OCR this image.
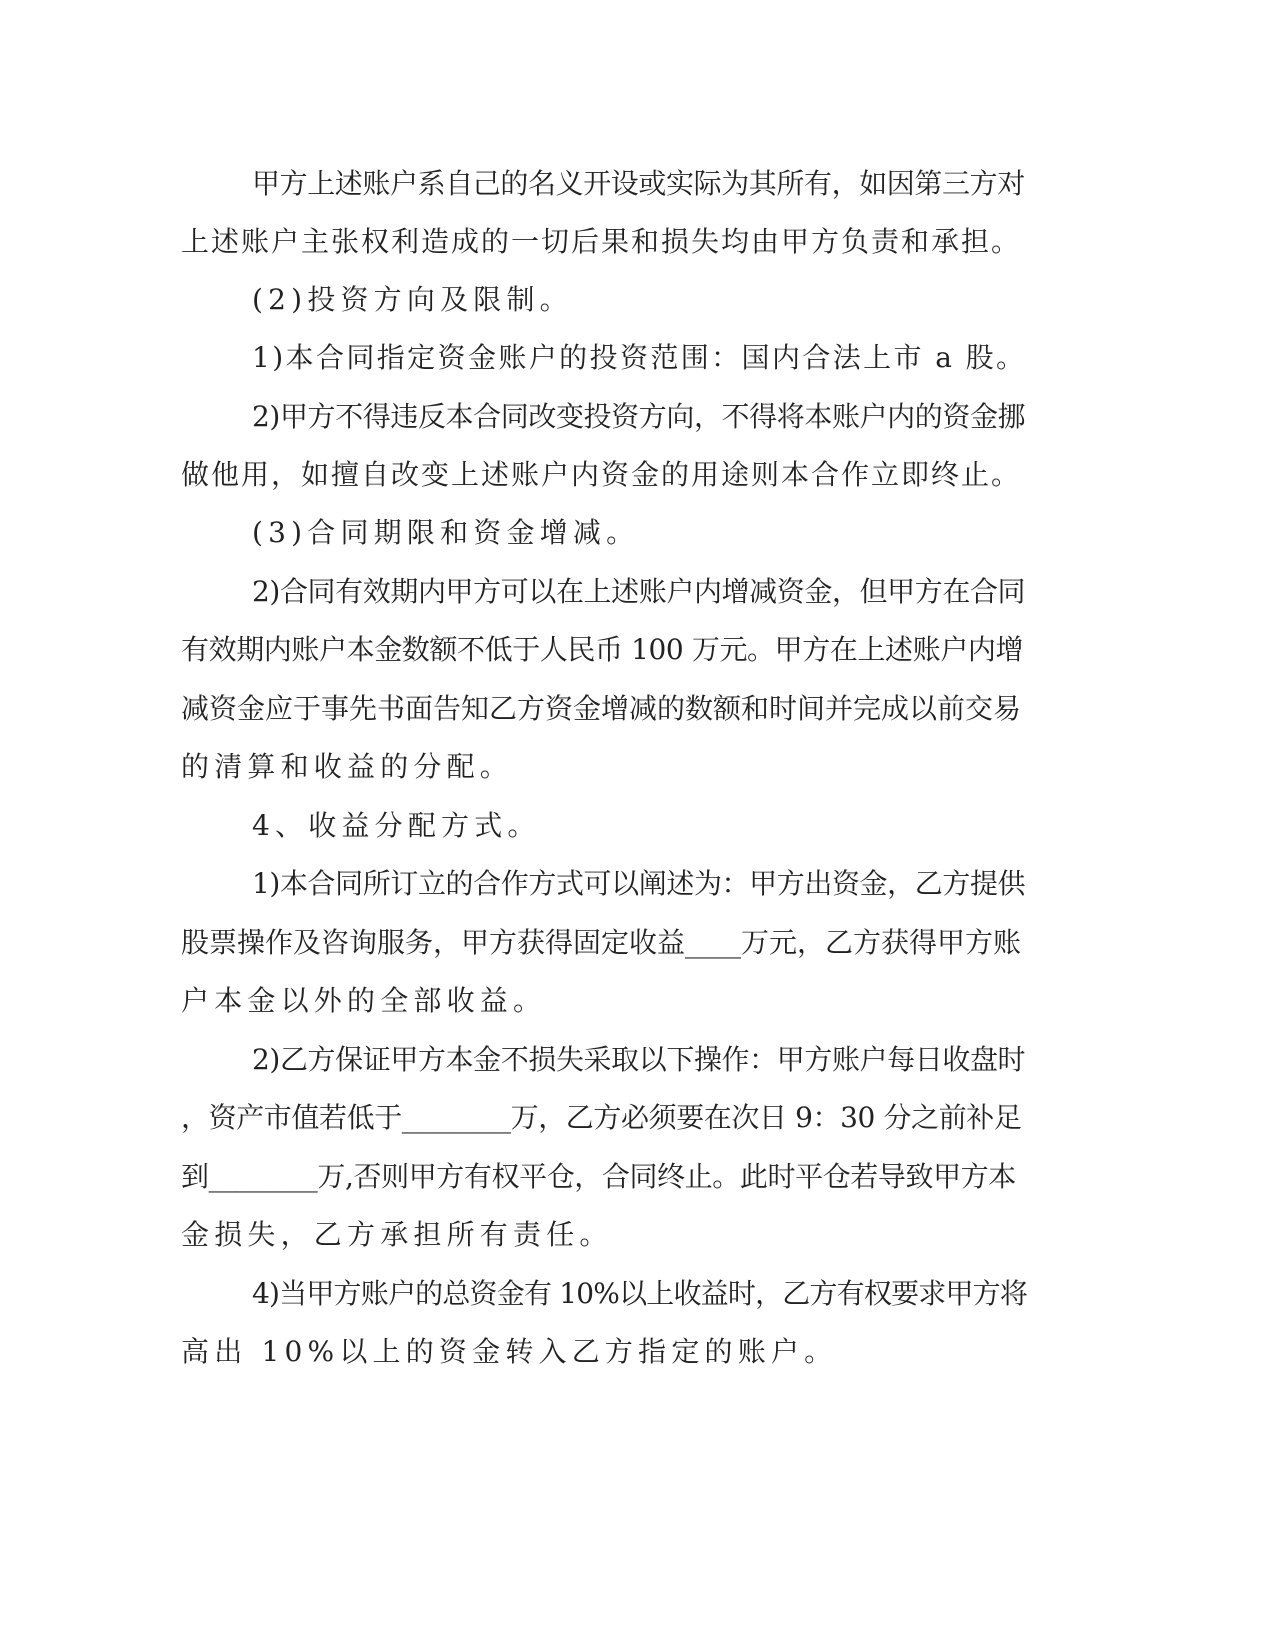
甲方上述账户系自己的名义开设或实际为其所有，如因第三方对
上述账户主张权利造成的一切后果和损失均由甲方负责和承担。
(2)投资方向及限制。
1)本合同指定资金账户的投资范围：国内合法上市 a 股。
2)甲方不得违反本合同改变投资方向，不得将本账户内的资金挪
做他用，如擅自改变上述账户内资金的用途则本合作立即终止。
(3)合同期限和资金增减。
2)合同有效期内甲方可以在上述账户内增减资金，但甲方在合同
有效期内账户本金数额不低于人民币 100 万元。甲方在上述账户内增
减资金应于事先书面告知乙方资金增减的数额和时间并完成以前交易
的清算和收益的分配。
4、收益分配方式。
1)本合同所订立的合作方式可以阐述为：甲方出资金，乙方提供
股票操作及咨询服务，甲方获得固定收益____万元，乙方获得甲方账
户本金以外的全部收益。
2)乙方保证甲方本金不损失采取以下操作：甲方账户每日收盘时
，资产市值若低于________万，乙方必须要在次日 9：30 分之前补足
到________万,否则甲方有权平仓，合同终止。此时平仓若导致甲方本
金损失，乙方承担所有责任。
4)当甲方账户的总资金有 10%以上收益时，乙方有权要求甲方将
高出 10%以上的资金转入乙方指定的账户。
